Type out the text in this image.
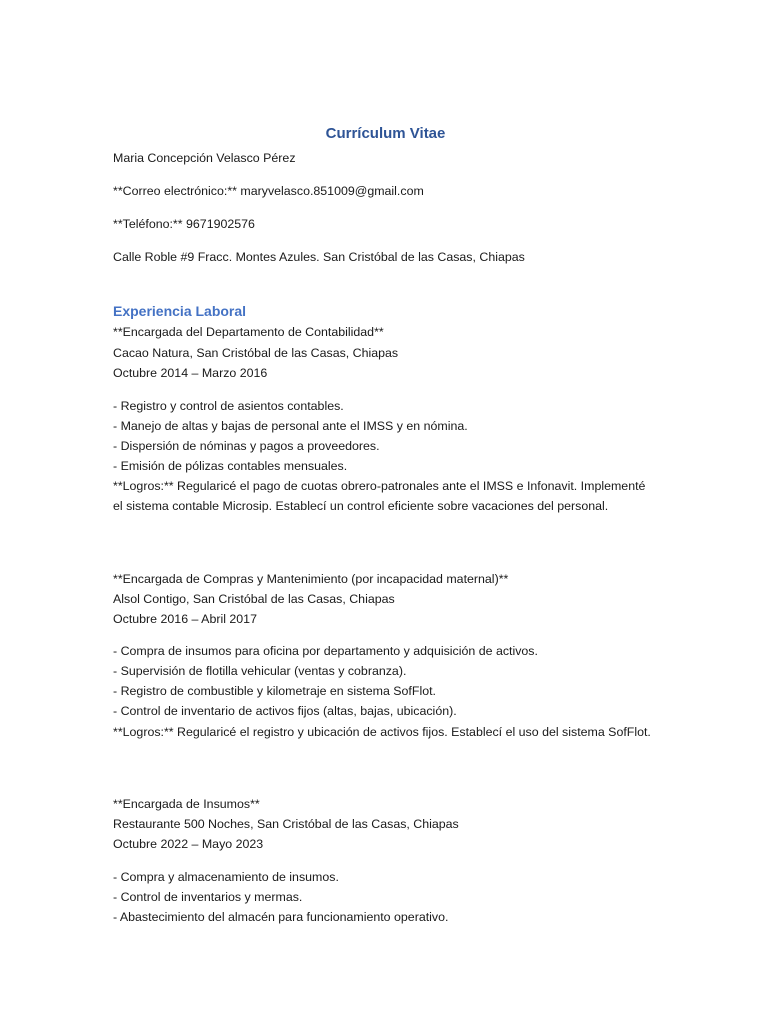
Currículum Vitae

Maria Concepción Velasco Pérez

**Correo electrónico:** maryvelasco.851009@gmail.com

**Teléfono:** 9671902576

Calle Roble #9 Fracc. Montes Azules. San Cristóbal de las Casas, Chiapas

Experiencia Laboral

**Encargada del Departamento de Contabilidad**

Cacao Natura, San Cristóbal de las Casas, Chiapas

Octubre 2014 – Marzo 2016

- Registro y control de asientos contables.

- Manejo de altas y bajas de personal ante el IMSS y en nómina.

- Dispersión de nóminas y pagos a proveedores.

- Emisión de pólizas contables mensuales.

**Logros:** Regularicé el pago de cuotas obrero-patronales ante el IMSS e Infonavit. Implementé el sistema contable Microsip. Establecí un control eficiente sobre vacaciones del personal.

**Encargada de Compras y Mantenimiento (por incapacidad maternal)**

Alsol Contigo, San Cristóbal de las Casas, Chiapas

Octubre 2016 – Abril 2017

- Compra de insumos para oficina por departamento y adquisición de activos.

- Supervisión de flotilla vehicular (ventas y cobranza).

- Registro de combustible y kilometraje en sistema SofFlot.

- Control de inventario de activos fijos (altas, bajas, ubicación).

**Logros:** Regularicé el registro y ubicación de activos fijos. Establecí el uso del sistema SofFlot.

**Encargada de Insumos**

Restaurante 500 Noches, San Cristóbal de las Casas, Chiapas

Octubre 2022 – Mayo 2023

- Compra y almacenamiento de insumos.

- Control de inventarios y mermas.

- Abastecimiento del almacén para funcionamiento operativo.
